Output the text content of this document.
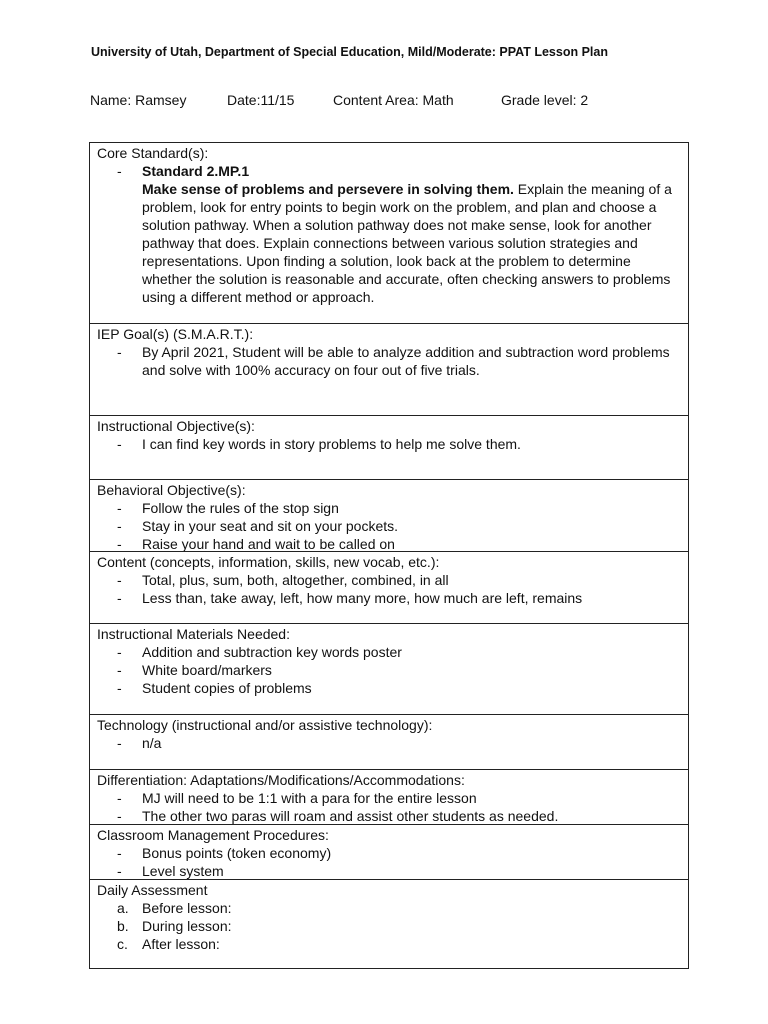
University of Utah, Department of Special Education, Mild/Moderate: PPAT Lesson Plan
Name: Ramsey	Date:11/15	Content Area: Math	Grade level: 2
Core Standard(s):
-	Standard 2.MP.1
Make sense of problems and persevere in solving them. Explain the meaning of a problem, look for entry points to begin work on the problem, and plan and choose a solution pathway. When a solution pathway does not make sense, look for another pathway that does. Explain connections between various solution strategies and representations. Upon finding a solution, look back at the problem to determine whether the solution is reasonable and accurate, often checking answers to problems using a different method or approach.
IEP Goal(s) (S.M.A.R.T.):
-	By April 2021, Student will be able to analyze addition and subtraction word problems and solve with 100% accuracy on four out of five trials.
Instructional Objective(s):
-	I can find key words in story problems to help me solve them.
Behavioral Objective(s):
-	Follow the rules of the stop sign
-	Stay in your seat and sit on your pockets.
-	Raise your hand and wait to be called on
Content (concepts, information, skills, new vocab, etc.):
-	Total, plus, sum, both, altogether, combined, in all
-	Less than, take away, left, how many more, how much are left, remains
Instructional Materials Needed:
-	Addition and subtraction key words poster
-	White board/markers
-	Student copies of problems
Technology (instructional and/or assistive technology):
-	n/a
Differentiation: Adaptations/Modifications/Accommodations:
-	MJ will need to be 1:1 with a para for the entire lesson
-	The other two paras will roam and assist other students as needed.
Classroom Management Procedures:
-	Bonus points (token economy)
-	Level system
Daily Assessment
a. Before lesson:
b. During lesson:
c.	After lesson:
